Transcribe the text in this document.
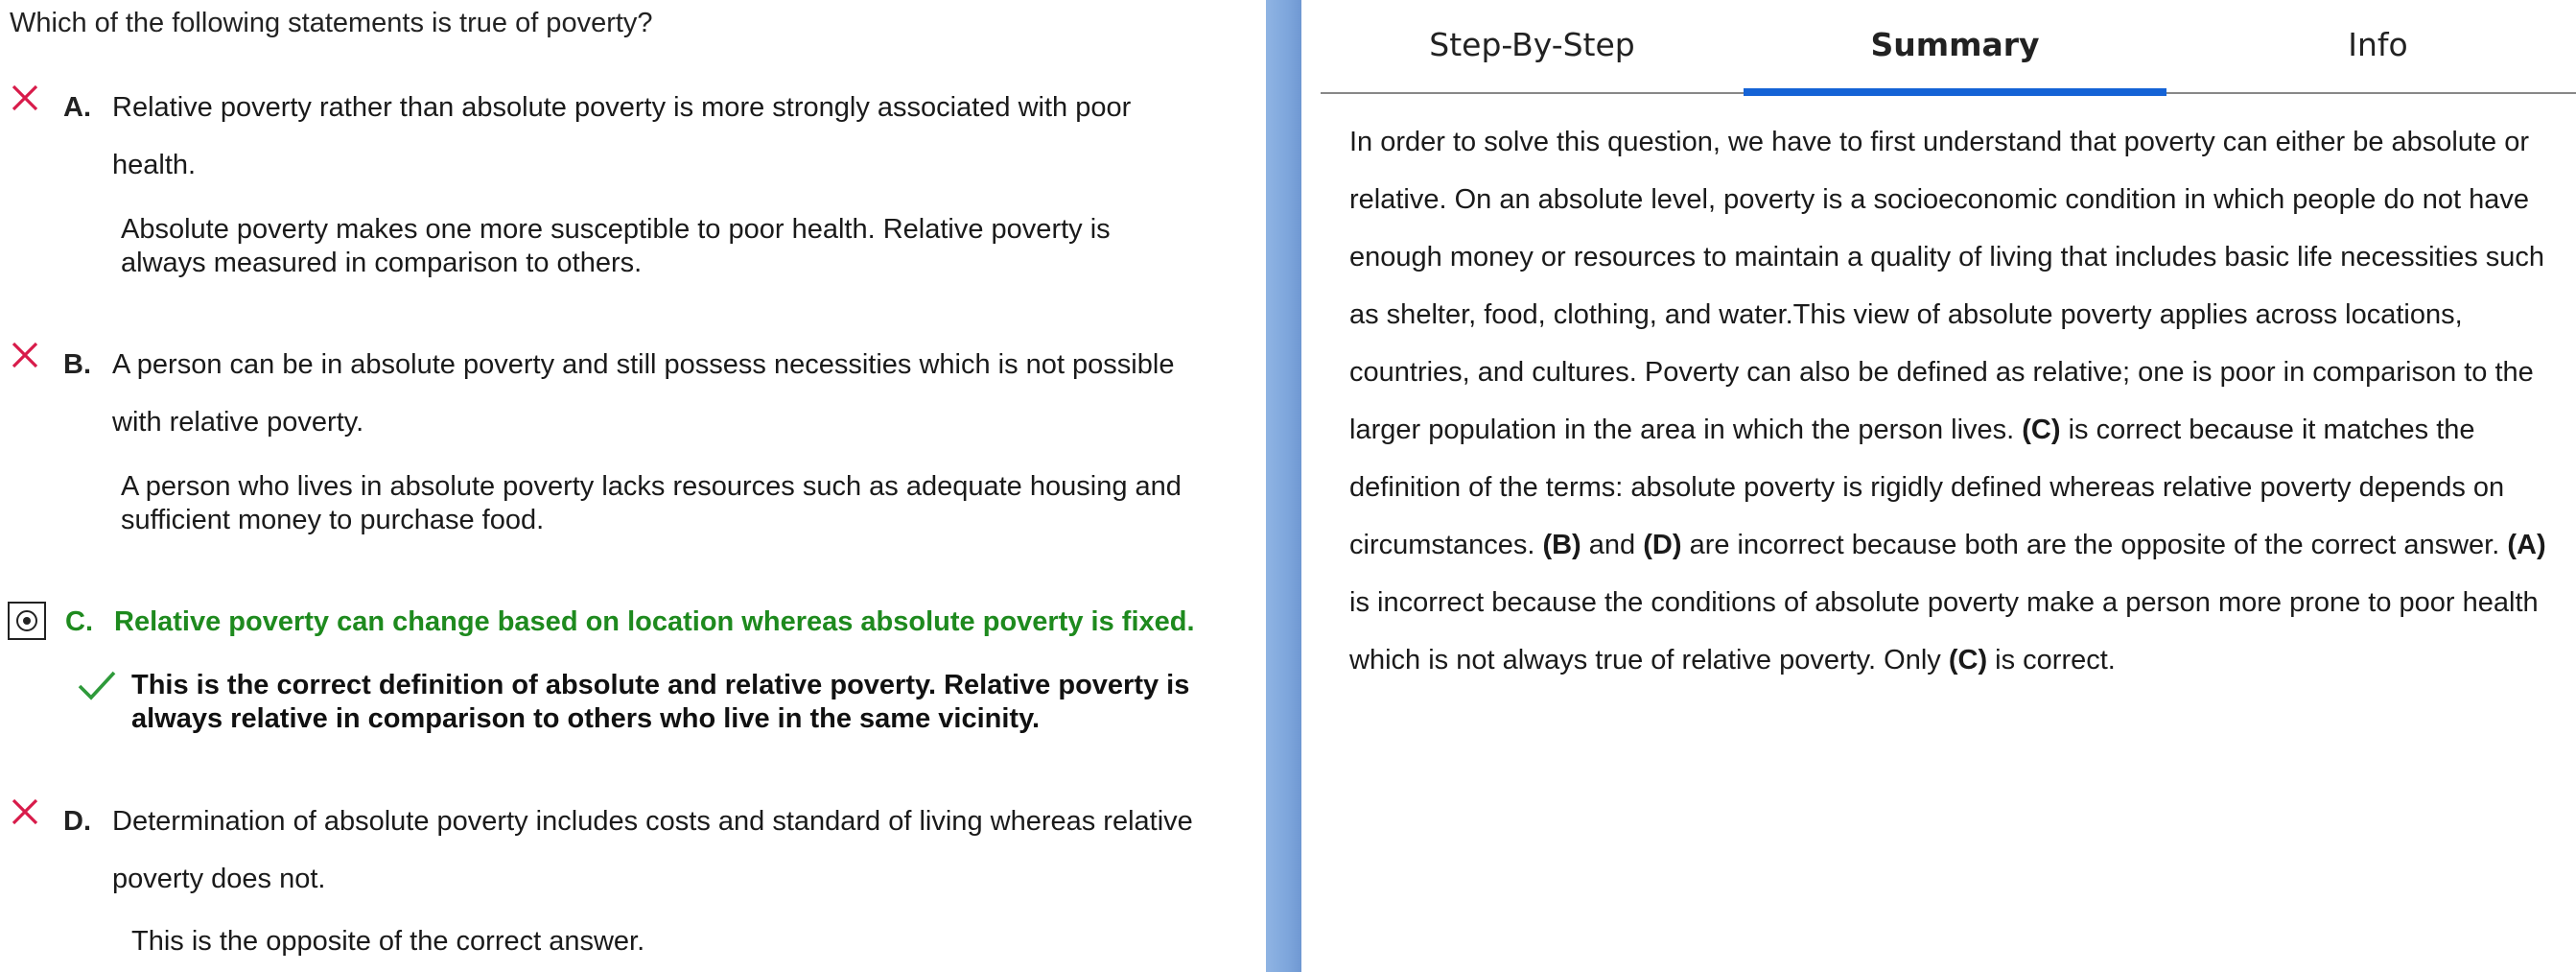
Which of the following statements is true of poverty?
A. Relative poverty rather than absolute poverty is more strongly associated with poor
health.
Absolute poverty makes one more susceptible to poor health. Relative poverty is
always measured in comparison to others.
B. A person can be in absolute poverty and still possess necessities which is not possible
with relative poverty.
A person who lives in absolute poverty lacks resources such as adequate housing and
sufficient money to purchase food.
C. Relative poverty can change based on location whereas absolute poverty is fixed.
This is the correct definition of absolute and relative poverty. Relative poverty is
always relative in comparison to others who live in the same vicinity.
D. Determination of absolute poverty includes costs and standard of living whereas relative
poverty does not.
This is the opposite of the correct answer.
Step-By-Step	Summary	Info
In order to solve this question, we have to first understand that poverty can either be absolute or relative. On an absolute level, poverty is a socioeconomic condition in which people do not have enough money or resources to maintain a quality of living that includes basic life necessities such as shelter, food, clothing, and water.This view of absolute poverty applies across locations, countries, and cultures. Poverty can also be defined as relative; one is poor in comparison to the larger population in the area in which the person lives. (C) is correct because it matches the definition of the terms: absolute poverty is rigidly defined whereas relative poverty depends on circumstances. (B) and (D) are incorrect because both are the opposite of the correct answer. (A) is incorrect because the conditions of absolute poverty make a person more prone to poor health which is not always true of relative poverty. Only (C) is correct.
